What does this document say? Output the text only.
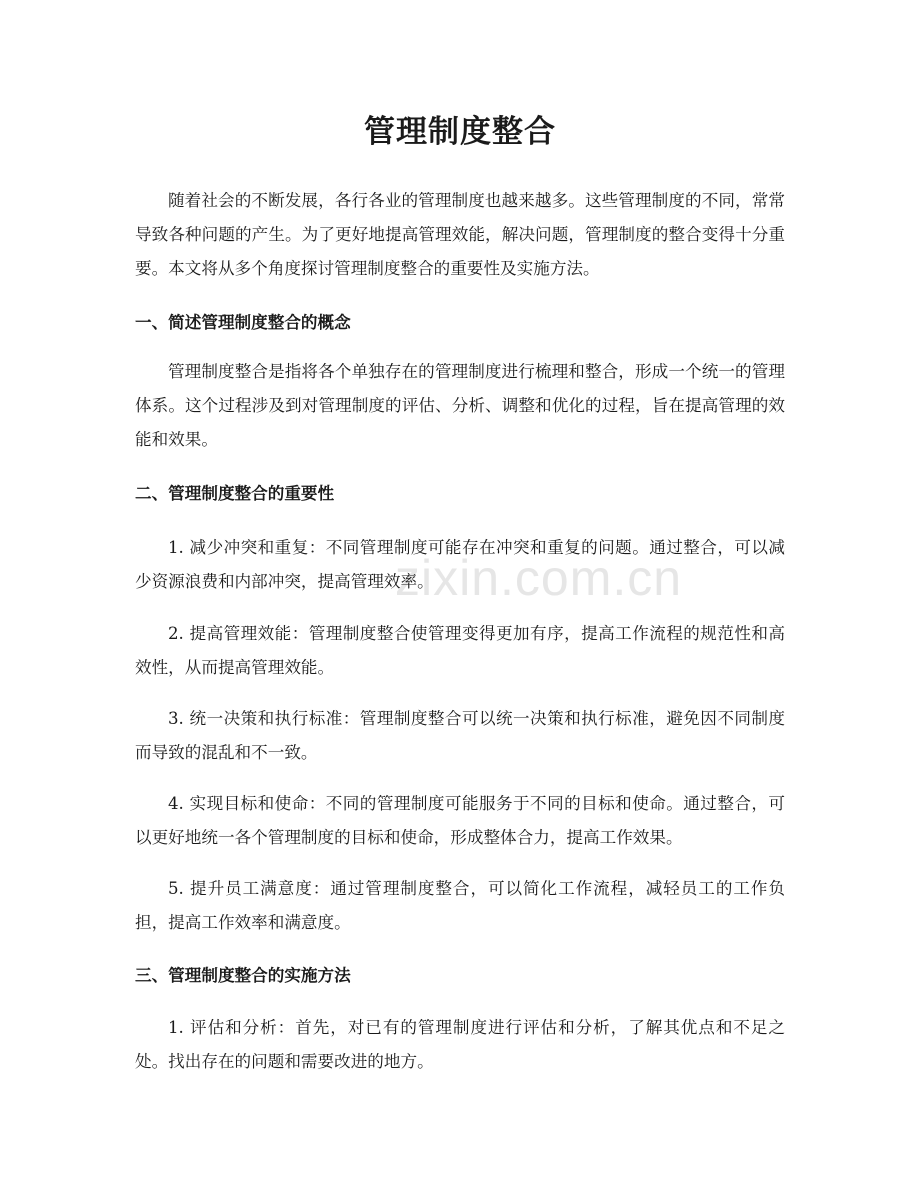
zixin.com.cn
管理制度整合

随着社会的不断发展，各行各业的管理制度也越来越多。这些管理制度的不同，常常导致各种问题的产生。为了更好地提高管理效能，解决问题，管理制度的整合变得十分重要。本文将从多个角度探讨管理制度整合的重要性及实施方法。

一、简述管理制度整合的概念

管理制度整合是指将各个单独存在的管理制度进行梳理和整合，形成一个统一的管理体系。这个过程涉及到对管理制度的评估、分析、调整和优化的过程，旨在提高管理的效能和效果。

二、管理制度整合的重要性

1. 减少冲突和重复：不同管理制度可能存在冲突和重复的问题。通过整合，可以减少资源浪费和内部冲突，提高管理效率。

2. 提高管理效能：管理制度整合使管理变得更加有序，提高工作流程的规范性和高效性，从而提高管理效能。

3. 统一决策和执行标准：管理制度整合可以统一决策和执行标准，避免因不同制度而导致的混乱和不一致。

4. 实现目标和使命：不同的管理制度可能服务于不同的目标和使命。通过整合，可以更好地统一各个管理制度的目标和使命，形成整体合力，提高工作效果。

5. 提升员工满意度：通过管理制度整合，可以简化工作流程，减轻员工的工作负担，提高工作效率和满意度。

三、管理制度整合的实施方法

1. 评估和分析：首先，对已有的管理制度进行评估和分析，了解其优点和不足之处。找出存在的问题和需要改进的地方。
